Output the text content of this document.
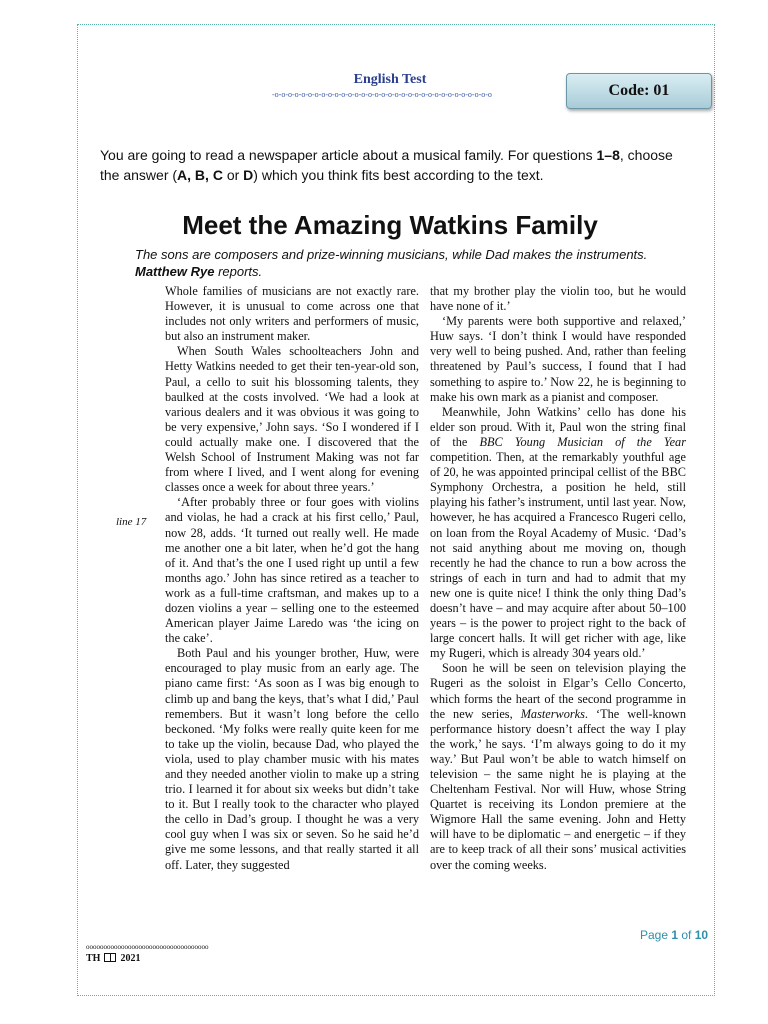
English Test
-o-o-o-o-o-o-o-o-o-o-o-o-o-o-o-o-o-o-o-o-o-o-o-o-o-o-o-o-o-o-o-o-o	Code: 01
You are going to read a newspaper article about a musical family. For questions 1–8, choose the answer (A, B, C or D) which you think fits best according to the text.
Meet the Amazing Watkins Family
The sons are composers and prize-winning musicians, while Dad makes the instruments.
Matthew Rye reports.
line 17

Whole families of musicians are not exactly rare. However, it is unusual to come across one that includes not only writers and performers of music, but also an instrument maker.

When South Wales schoolteachers John and Hetty Watkins needed to get their ten-year-old son, Paul, a cello to suit his blossoming talents, they baulked at the costs involved. ‘We had a look at various dealers and it was obvious it was going to be very expensive,’ John says. ‘So I wondered if I could actually make one. I discovered that the Welsh School of Instrument Making was not far from where I lived, and I went along for evening classes once a week for about three years.’

‘After probably three or four goes with violins and violas, he had a crack at his first cello,’ Paul, now 28, adds. ‘It turned out really well. He made me another one a bit later, when he’d got the hang of it. And that’s the one I used right up until a few months ago.’ John has since retired as a teacher to work as a full-time craftsman, and makes up to a dozen violins a year – selling one to the esteemed American player Jaime Laredo was ‘the icing on the cake’.

Both Paul and his younger brother, Huw, were encouraged to play music from an early age. The piano came first: ‘As soon as I was big enough to climb up and bang the keys, that’s what I did,’ Paul remembers. But it wasn’t long before the cello beckoned. ‘My folks were really quite keen for me to take up the violin, because Dad, who played the viola, used to play chamber music with his mates and they needed another violin to make up a string trio. I learned it for about six weeks but didn’t take to it. But I really took to the character who played the cello in Dad’s group. I thought he was a very cool guy when I was six or seven. So he said he’d give me some lessons, and that really started it all off. Later, they suggested

that my brother play the violin too, but he would have none of it.’

‘My parents were both supportive and relaxed,’ Huw says. ‘I don’t think I would have responded very well to being pushed. And, rather than feeling threatened by Paul’s success, I found that I had something to aspire to.’ Now 22, he is beginning to make his own mark as a pianist and composer.

Meanwhile, John Watkins’ cello has done his elder son proud. With it, Paul won the string final of the BBC Young Musician of the Year competition. Then, at the remarkably youthful age of 20, he was appointed principal cellist of the BBC Symphony Orchestra, a position he held, still playing his father’s instrument, until last year. Now, however, he has acquired a Francesco Rugeri cello, on loan from the Royal Academy of Music. ‘Dad’s not said anything about me moving on, though recently he had the chance to run a bow across the strings of each in turn and had to admit that my new one is quite nice! I think the only thing Dad’s doesn’t have – and may acquire after about 50–100 years – is the power to project right to the back of large concert halls. It will get richer with age, like my Rugeri, which is already 304 years old.’

Soon he will be seen on television playing the Rugeri as the soloist in Elgar’s Cello Concerto, which forms the heart of the second programme in the new series, Masterworks. ‘The well-known performance history doesn’t affect the way I play the work,’ he says. ‘I’m always going to do it my way.’ But Paul won’t be able to watch himself on television – the same night he is playing at the Cheltenham Festival. Nor will Huw, whose String Quartet is receiving its London premiere at the Wigmore Hall the same evening. John and Hetty will have to be diplomatic – and energetic – if they are to keep track of all their sons’ musical activities over the coming weeks.

Page 1 of 10
ooooooooooooooooooooooooooooooooooo
TH 2021
